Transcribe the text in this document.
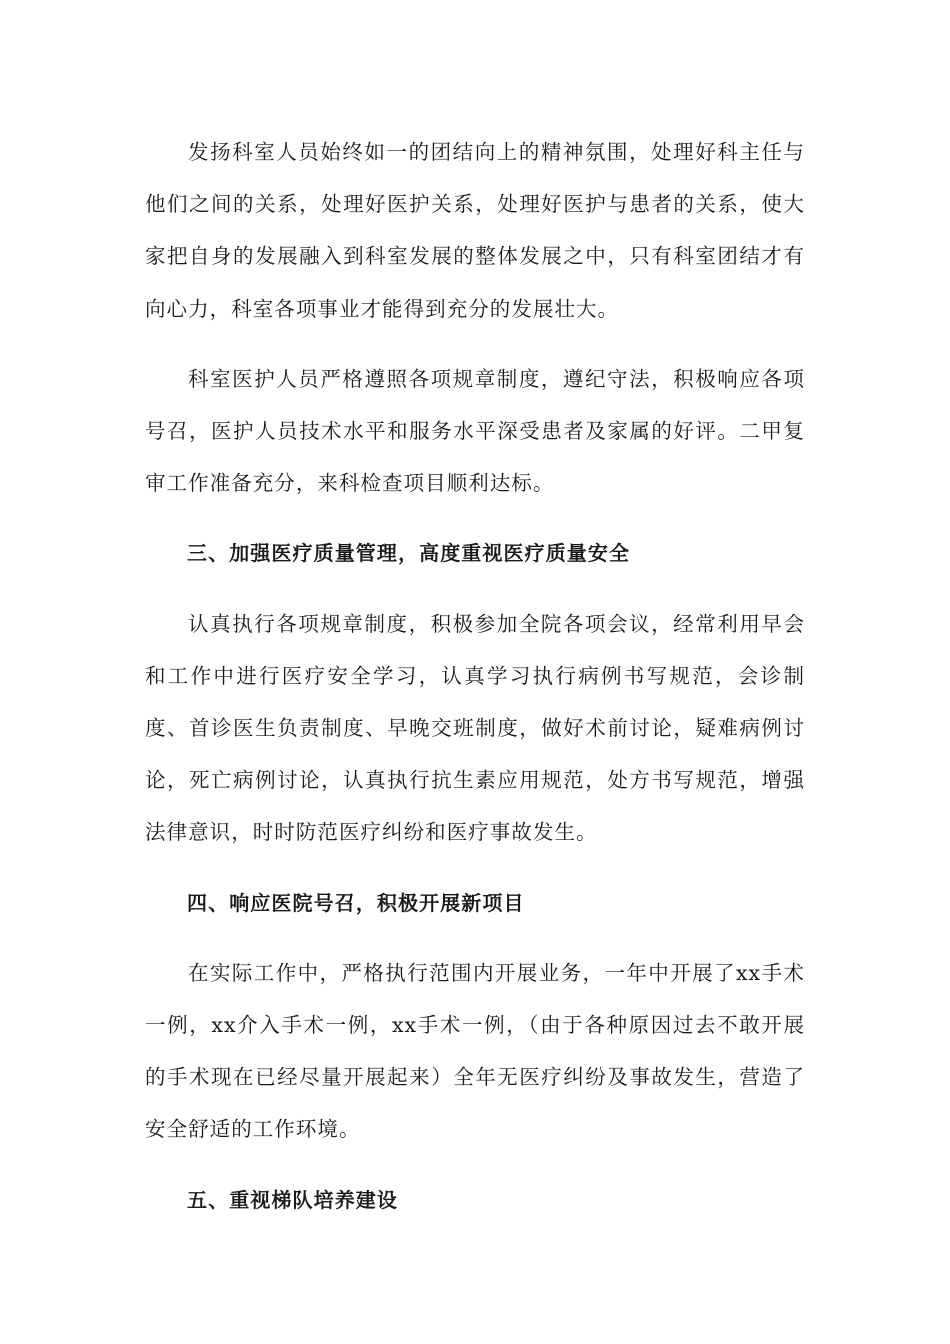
发扬科室人员始终如一的团结向上的精神氛围，处理好科主任与他们之间的关系，处理好医护关系，处理好医护与患者的关系，使大家把自身的发展融入到科室发展的整体发展之中，只有科室团结才有向心力，科室各项事业才能得到充分的发展壮大。

科室医护人员严格遵照各项规章制度，遵纪守法，积极响应各项号召，医护人员技术水平和服务水平深受患者及家属的好评。二甲复审工作准备充分，来科检查项目顺利达标。

三、加强医疗质量管理，高度重视医疗质量安全

认真执行各项规章制度，积极参加全院各项会议，经常利用早会和工作中进行医疗安全学习，认真学习执行病例书写规范，会诊制度、首诊医生负责制度、早晚交班制度，做好术前讨论，疑难病例讨论，死亡病例讨论，认真执行抗生素应用规范，处方书写规范，增强法律意识，时时防范医疗纠纷和医疗事故发生。

四、响应医院号召，积极开展新项目

在实际工作中，严格执行范围内开展业务，一年中开展了xx手术一例，xx介入手术一例，xx手术一例，（由于各种原因过去不敢开展的手术现在已经尽量开展起来）全年无医疗纠纷及事故发生，营造了安全舒适的工作环境。

五、重视梯队培养建设
